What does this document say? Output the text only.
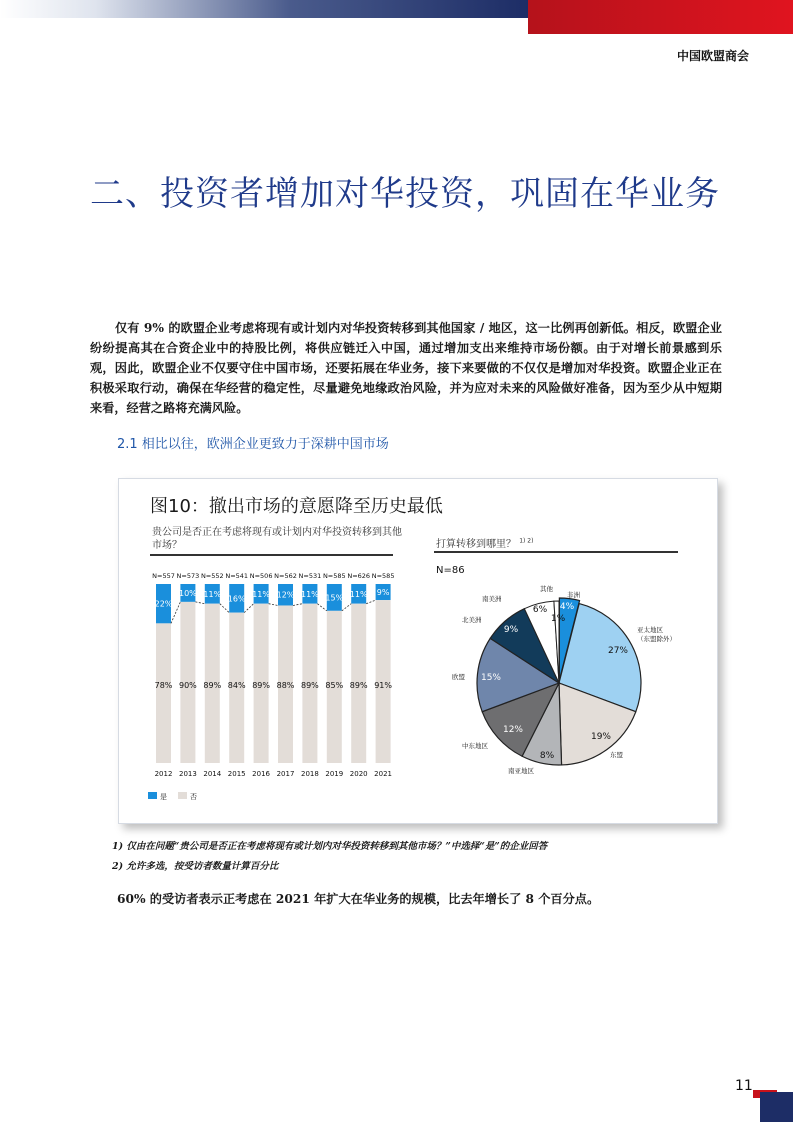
中国欧盟商会
二、投资者增加对华投资，巩固在华业务
仅有 9% 的欧盟企业考虑将现有或计划内对华投资转移到其他国家 / 地区，这一比例再创新低。相反，欧盟企业纷纷提高其在合资企业中的持股比例，将供应链迁入中国，通过增加支出来维持市场份额。由于对增长前景感到乐观，因此，欧盟企业不仅要守住中国市场，还要拓展在华业务，接下来要做的不仅仅是增加对华投资。欧盟企业正在积极采取行动，确保在华经营的稳定性，尽量避免地缘政治风险，并为应对未来的风险做好准备，因为至少从中短期来看，经营之路将充满风险。
2.1 相比以往，欧洲企业更致力于深耕中国市场
图10：撤出市场的意愿降至历史最低
贵公司是否正在考虑将现有或计划内对华投资转移到其他市场？	打算转移到哪里？ $^{1) 2)}$
N=86
N=557
22%
78%
2012
N=573
10%
90%
2013
N=552
11%
89%
2014
N=541
16%
84%
2015
N=506
11%
89%
2016
N=562
12%
88%
2017
N=531
11%
89%
2018
N=585
15%
85%
2019
N=626
11%
89%
2020
N=585
9%
91%
2021
是	否
4%
非洲
27%
亚太地区
（东盟除外）
19%
东盟
8%
南亚地区
12%
中东地区
15%
欧盟
9%
北美洲
南美洲
6%
其他
1%
1) 仅由在问题“贵公司是否正在考虑将现有或计划内对华投资转移到其他市场？”中选择“是”的企业回答
2) 允许多选，按受访者数量计算百分比
60% 的受访者表示正考虑在 2021 年扩大在华业务的规模，比去年增长了 8 个百分点。
11
